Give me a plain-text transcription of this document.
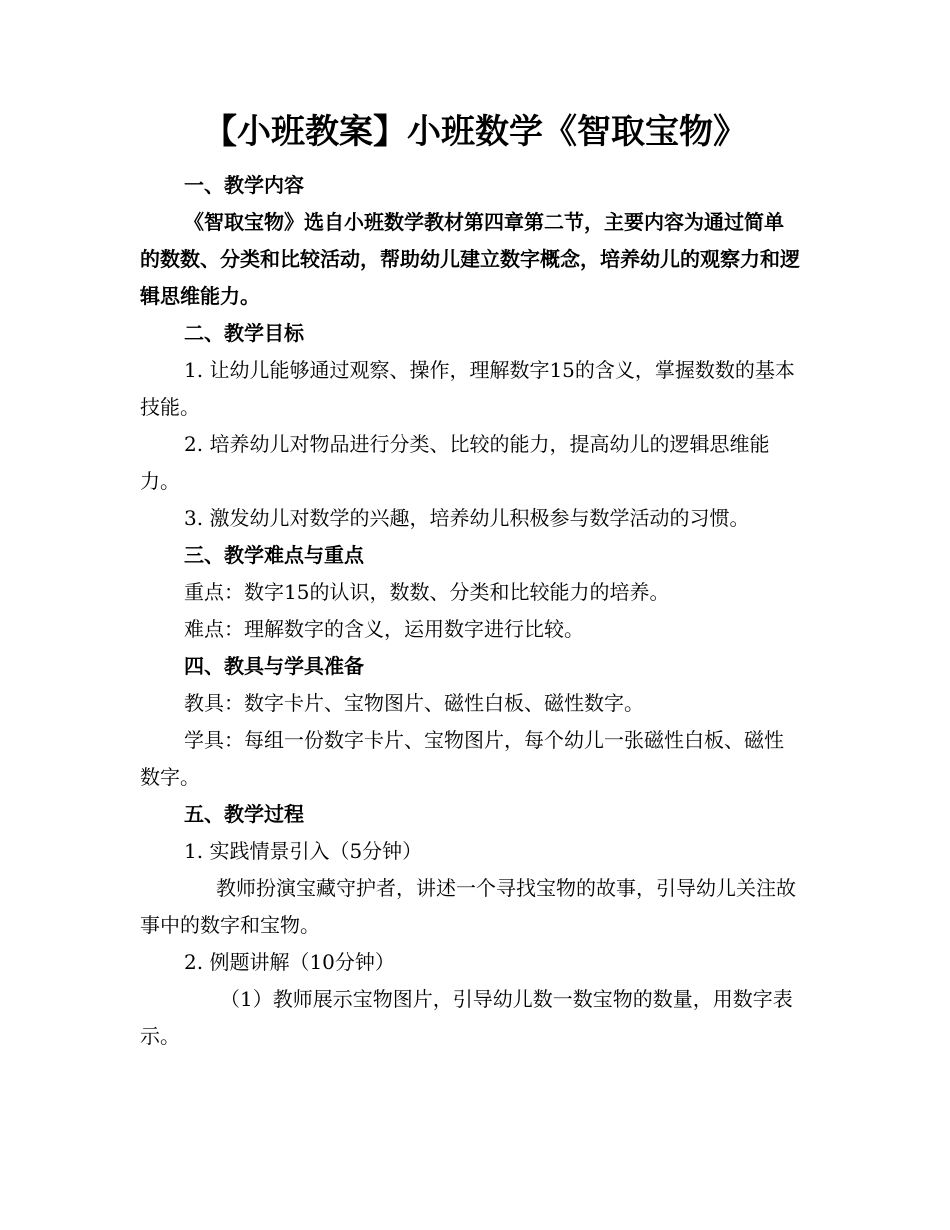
【小班教案】小班数学《智取宝物》

一、教学内容

《智取宝物》选自小班数学教材第四章第二节，主要内容为通过简单的数数、分类和比较活动，帮助幼儿建立数字概念，培养幼儿的观察力和逻辑思维能力。

二、教学目标

1. 让幼儿能够通过观察、操作，理解数字15的含义，掌握数数的基本技能。

2. 培养幼儿对物品进行分类、比较的能力，提高幼儿的逻辑思维能力。

3. 激发幼儿对数学的兴趣，培养幼儿积极参与数学活动的习惯。

三、教学难点与重点

重点：数字15的认识，数数、分类和比较能力的培养。

难点：理解数字的含义，运用数字进行比较。

四、教具与学具准备

教具：数字卡片、宝物图片、磁性白板、磁性数字。

学具：每组一份数字卡片、宝物图片，每个幼儿一张磁性白板、磁性数字。

五、教学过程

1. 实践情景引入（5分钟）

教师扮演宝藏守护者，讲述一个寻找宝物的故事，引导幼儿关注故事中的数字和宝物。

2. 例题讲解（10分钟）

（1）教师展示宝物图片，引导幼儿数一数宝物的数量，用数字表示。
